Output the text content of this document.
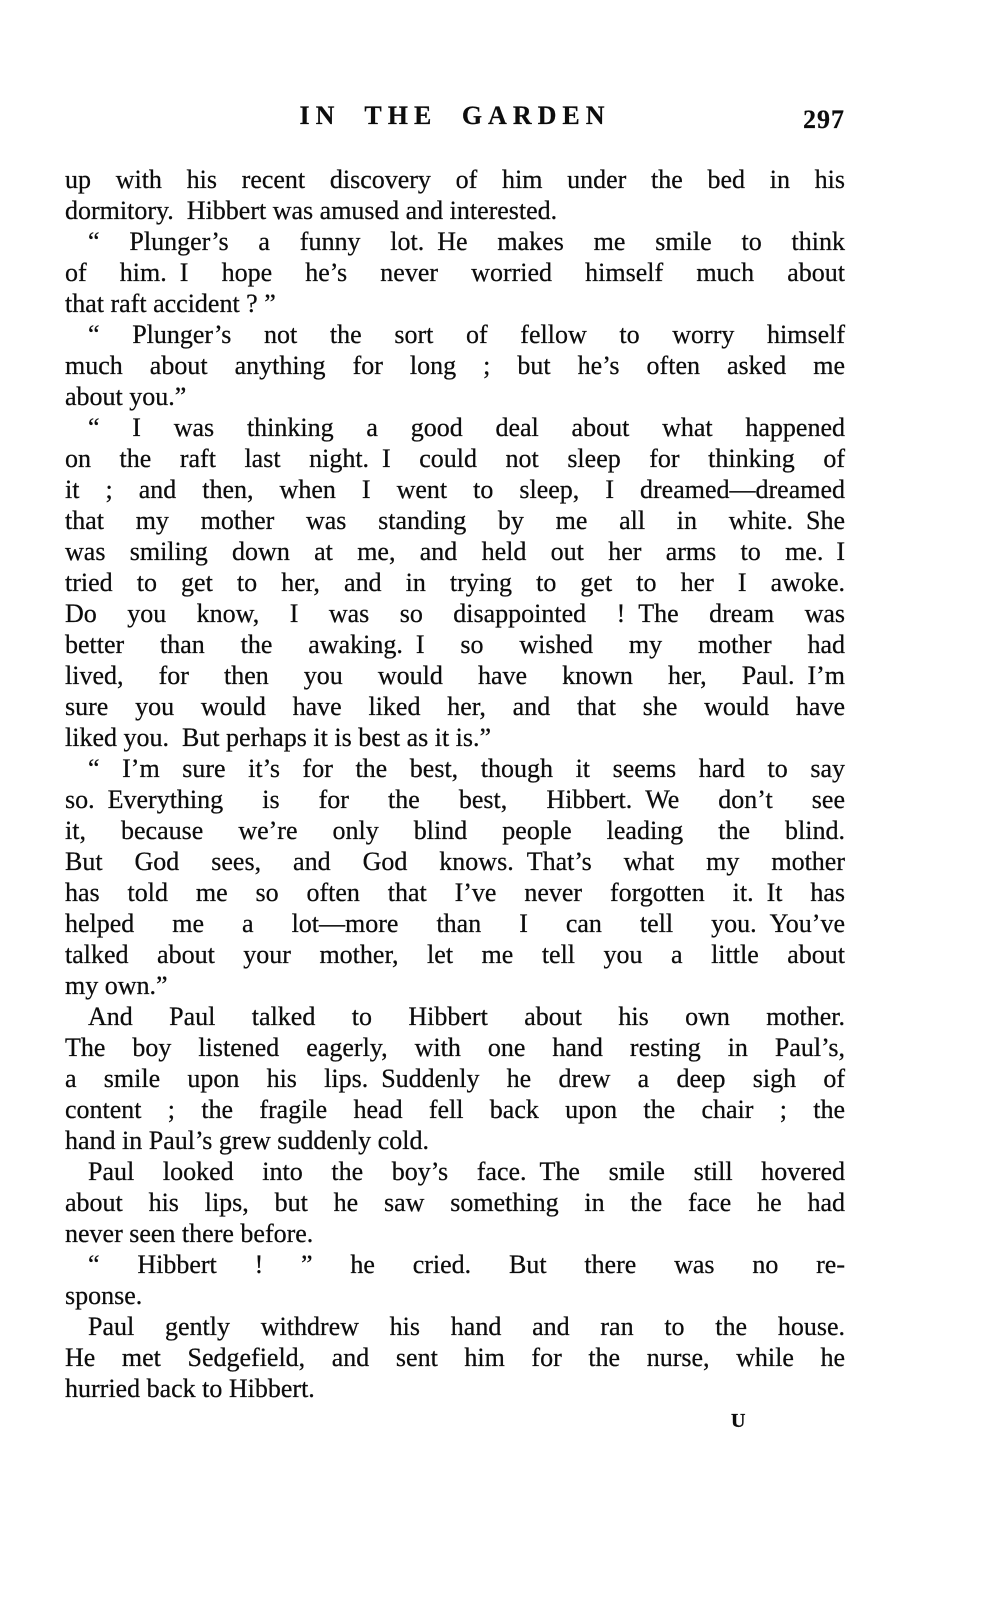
IN THE GARDEN	297
up with his recent discovery of him under the bed in his
dormitory. Hibbert was amused and interested.
“ Plunger’s a funny lot. He makes me smile to think
of him. I hope he’s never worried himself much about
that raft accident ? ”
“ Plunger’s not the sort of fellow to worry himself
much about anything for long ; but he’s often asked me
about you.”
“ I was thinking a good deal about what happened
on the raft last night. I could not sleep for thinking of
it ; and then, when I went to sleep, I dreamed—dreamed
that my mother was standing by me all in white. She
was smiling down at me, and held out her arms to me. I
tried to get to her, and in trying to get to her I awoke.
Do you know, I was so disappointed ! The dream was
better than the awaking. I so wished my mother had
lived, for then you would have known her, Paul. I’m
sure you would have liked her, and that she would have
liked you. But perhaps it is best as it is.”
“ I’m sure it’s for the best, though it seems hard to say
so. Everything is for the best, Hibbert. We don’t see
it, because we’re only blind people leading the blind.
But God sees, and God knows. That’s what my mother
has told me so often that I’ve never forgotten it. It has
helped me a lot—more than I can tell you. You’ve
talked about your mother, let me tell you a little about
my own.”
And Paul talked to Hibbert about his own mother.
The boy listened eagerly, with one hand resting in Paul’s,
a smile upon his lips. Suddenly he drew a deep sigh of
content ; the fragile head fell back upon the chair ; the
hand in Paul’s grew suddenly cold.
Paul looked into the boy’s face. The smile still hovered
about his lips, but he saw something in the face he had
never seen there before.
“ Hibbert ! ” he cried. But there was no re-
sponse.
Paul gently withdrew his hand and ran to the house.
He met Sedgefield, and sent him for the nurse, while he
hurried back to Hibbert.
U
